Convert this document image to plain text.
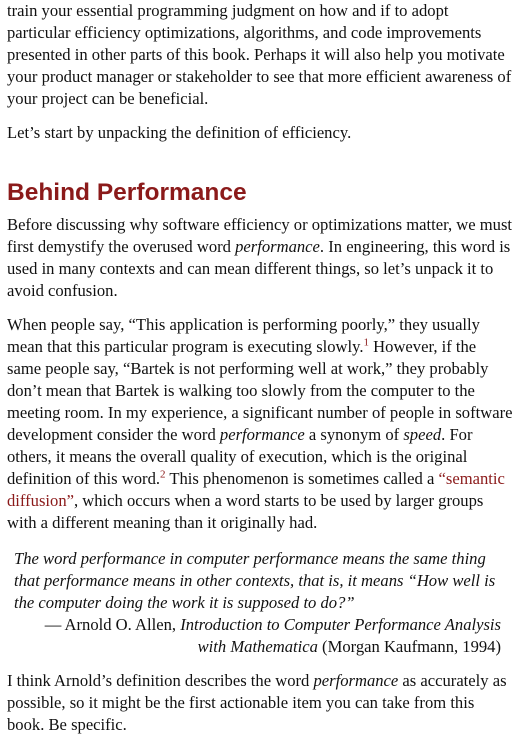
train your essential programming judgment on how and if to adopt particular efficiency optimizations, algorithms, and code improvements presented in other parts of this book. Perhaps it will also help you motivate your product manager or stakeholder to see that more efficient awareness of your project can be beneficial.

Let’s start by unpacking the definition of efficiency.

Behind Performance

Before discussing why software efficiency or optimizations matter, we must first demystify the overused word performance. In engineering, this word is used in many contexts and can mean different things, so let’s unpack it to avoid confusion.

When people say, “This application is performing poorly,” they usually mean that this particular program is executing slowly.$^1$ However, if the same people say, “Bartek is not performing well at work,” they probably don’t mean that Bartek is walking too slowly from the computer to the meeting room. In my experience, a significant number of people in software development consider the word performance a synonym of speed. For others, it means the overall quality of execution, which is the original definition of this word.$^2$ This phenomenon is sometimes called a “semantic diffusion”, which occurs when a word starts to be used by larger groups with a different meaning than it originally had.

The word performance in computer performance means the same thing that performance means in other contexts, that is, it means “How well is the computer doing the work it is supposed to do?”

— Arnold O. Allen, Introduction to Computer Performance Analysis with Mathematica (Morgan Kaufmann, 1994)

I think Arnold’s definition describes the word performance as accurately as possible, so it might be the first actionable item you can take from this book. Be specific.
